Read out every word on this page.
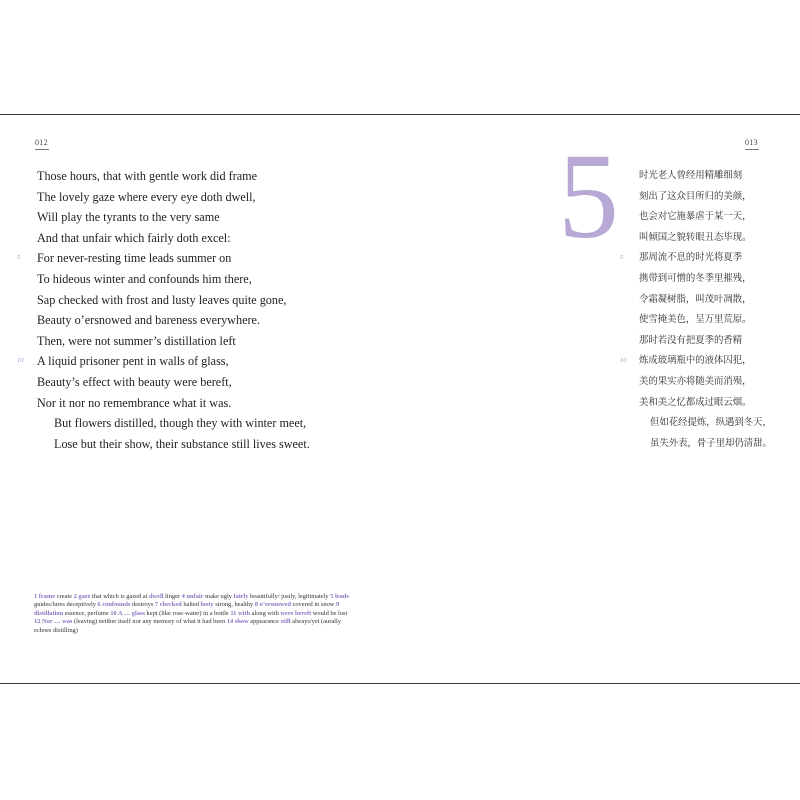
012	013
Those hours, that with gentle work did frame
The lovely gaze where every eye doth dwell,
Will play the tyrants to the very same
And that unfair which fairly doth excel:
5 For never-resting time leads summer on
To hideous winter and confounds him there,
Sap checked with frost and lusty leaves quite gone,
Beauty o’ersnowed and bareness everywhere.
Then, were not summer’s distillation left
10 A liquid prisoner pent in walls of glass,
Beauty’s effect with beauty were bereft,
Nor it nor no remembrance what it was.
But flowers distilled, though they with winter meet,
Lose but their show, their substance still lives sweet.
5 时光老人曾经用精雕细刻
刻出了这众目所归的美颜，
也会对它施暴虐于某一天，
叫倾国之貌转眼丑态毕现。
5 那周流不息的时光将夏季
携带到可憎的冬季里摧残，
令霜凝树脂，叫茂叶凋散，
使雪掩美色，呈万里荒原。
那时若没有把夏季的香精
10 炼成玻璃瓶中的液体囚犯，
美的果实亦将随美而消殒，
美和美之忆都成过眼云烟。
但如花经提炼，纵遇到冬天，
虽失外表，骨子里却仍清甜。
1 frame create 2 gaze that which is gazed at dwell linger 4 unfair make ugly fairly beautifully/ justly, legitimately 5 leads guides/lures deceptively 6 confounds destroys 7 checked halted lusty strong, healthy 8 o’ersnowed covered in snow 9 distillation essence, perfume 10 A … glass kept (like rose-water) in a bottle 11 with along with were bereft would be lost 12 Nor … was (leaving) neither itself nor any memory of what it had been 14 show appearance still always/yet (aurally echoes distilling)
